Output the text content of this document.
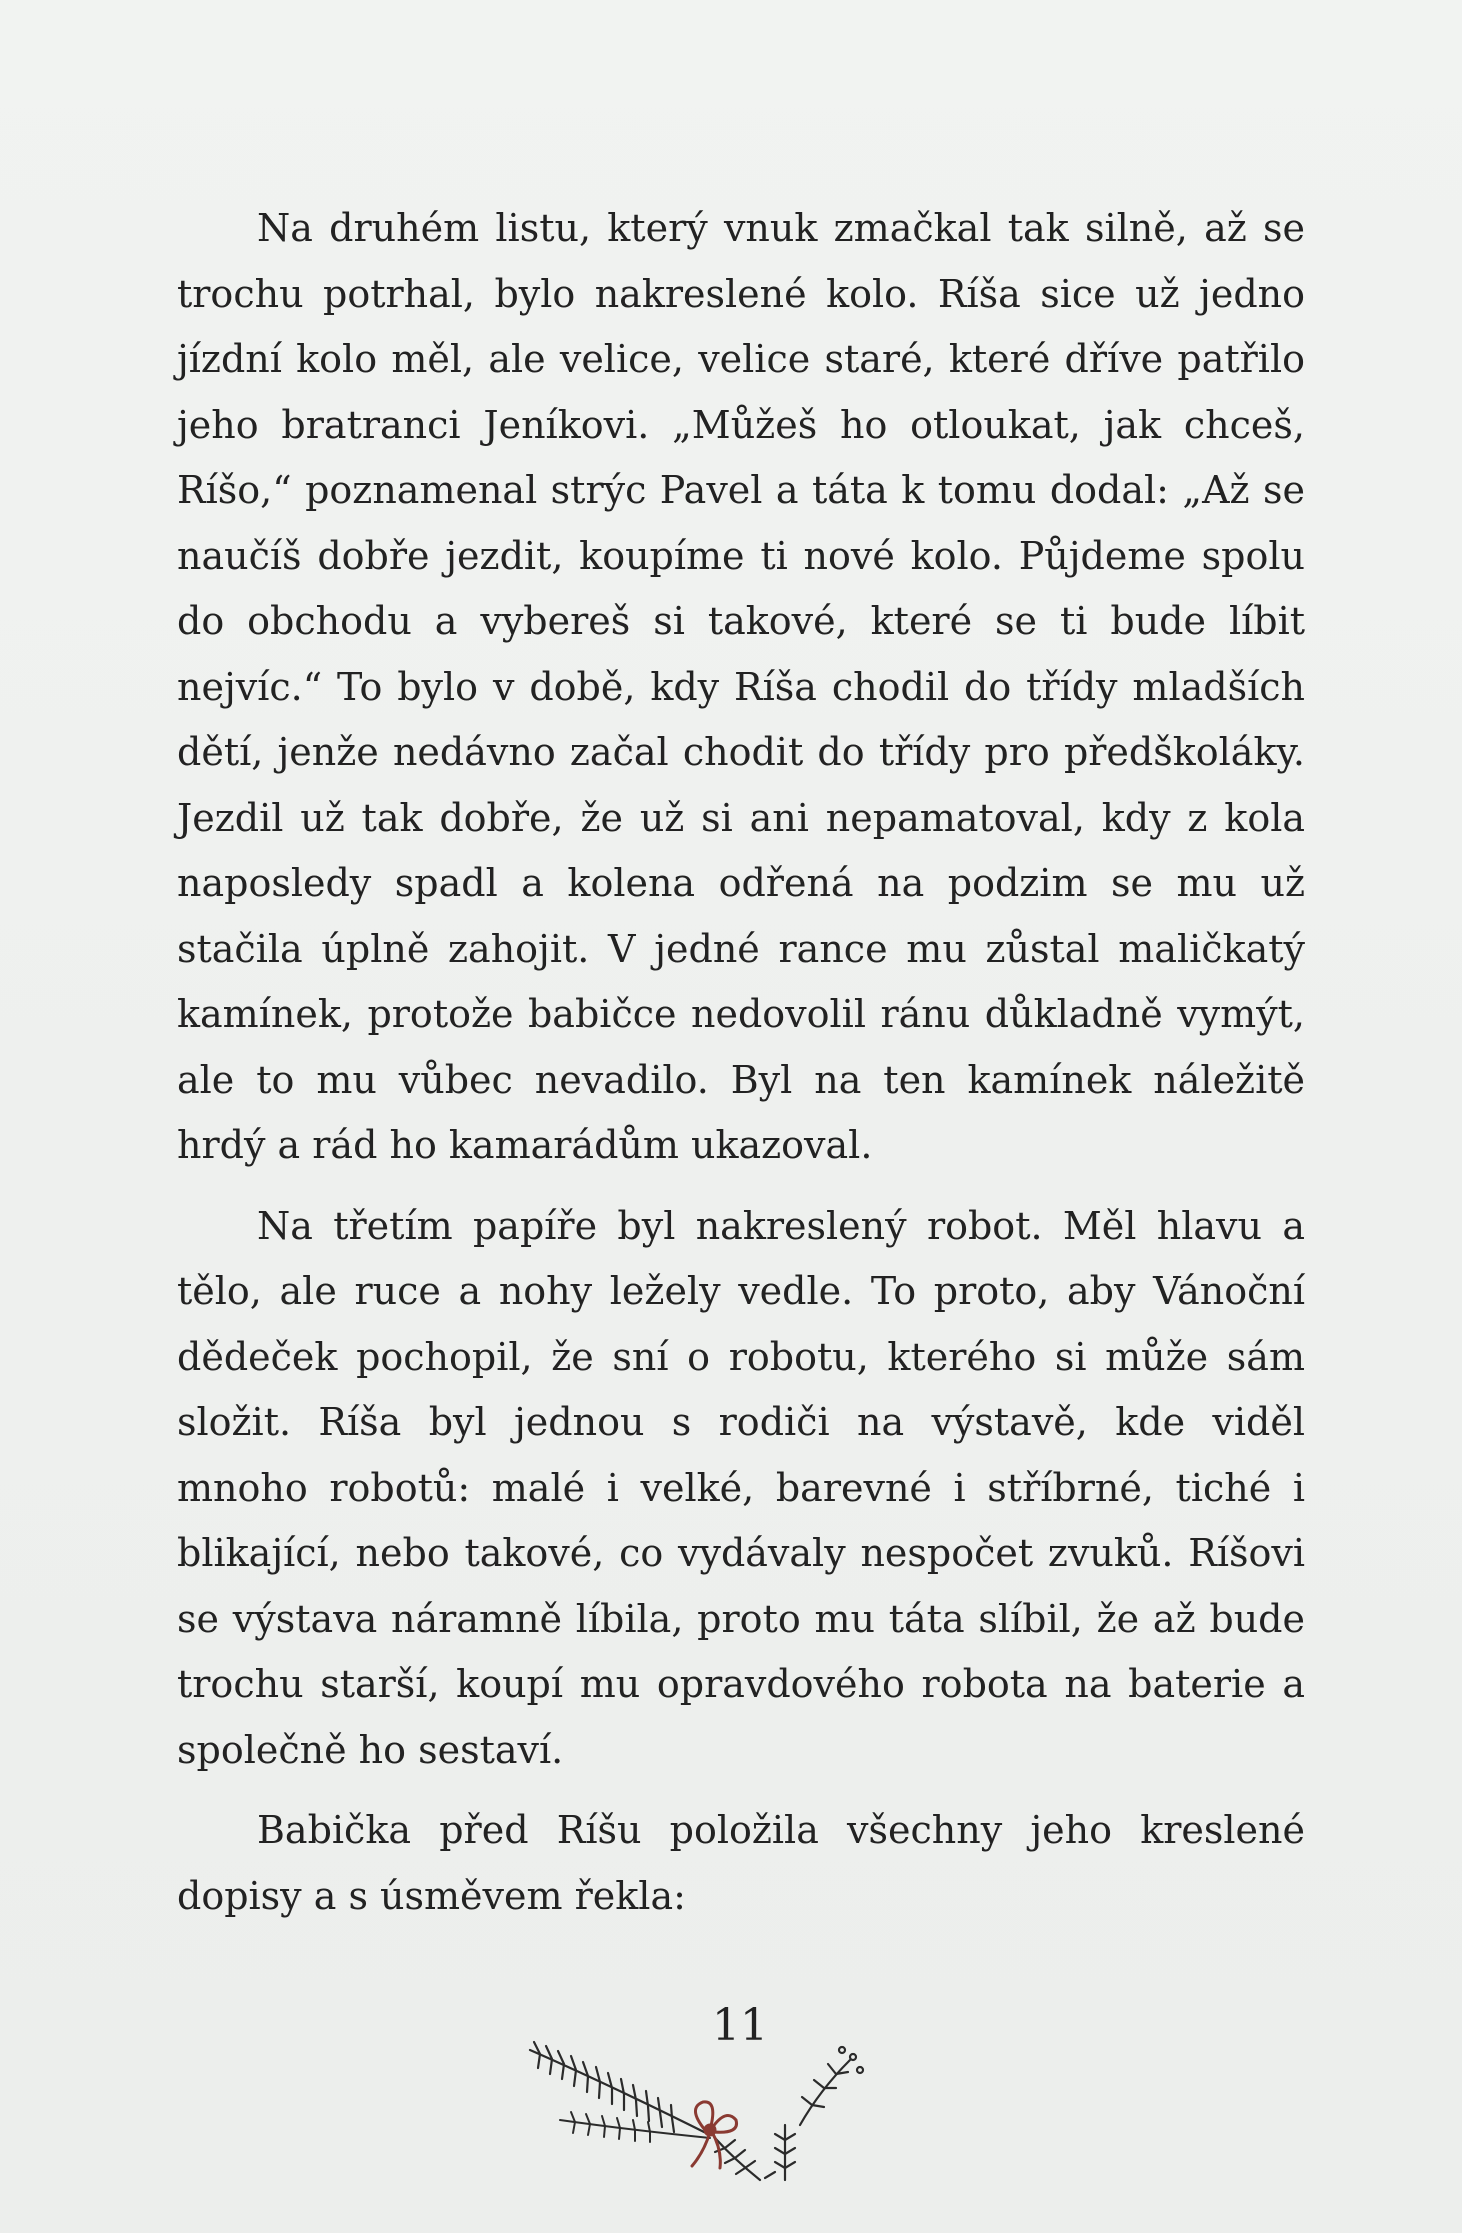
Na druhém listu, který vnuk zmačkal tak silně, až se trochu potrhal, bylo nakreslené kolo. Ríša sice už jedno jízdní kolo měl, ale velice, velice staré, které dříve patřilo jeho bratranci Jeníkovi. „Můžeš ho otloukat, jak chceš, Ríšo,“ poznamenal strýc Pavel a táta k tomu dodal: „Až se naučíš dobře jezdit, koupíme ti nové kolo. Půjdeme spolu do obchodu a vybereš si takové, které se ti bude líbit nejvíc.“ To bylo v době, kdy Ríša chodil do třídy mladších dětí, jenže nedávno začal chodit do třídy pro předškoláky. Jezdil už tak dobře, že už si ani nepamatoval, kdy z kola naposledy spadl a kolena odřená na podzim se mu už stačila úplně zahojit. V jedné rance mu zůstal maličkatý kamínek, protože babičce nedovolil ránu důkladně vymýt, ale to mu vůbec nevadilo. Byl na ten kamínek náležitě hrdý a rád ho kamarádům ukazoval.

Na třetím papíře byl nakreslený robot. Měl hlavu a tělo, ale ruce a nohy ležely vedle. To proto, aby Vánoční dědeček pochopil, že sní o robotu, kterého si může sám složit. Ríša byl jednou s rodiči na výstavě, kde viděl mnoho robotů: malé i velké, barevné i stříbrné, tiché i blikající, nebo takové, co vydávaly nespočet zvuků. Ríšovi se výstava náramně líbila, proto mu táta slíbil, že až bude trochu starší, koupí mu opravdového robota na baterie a společně ho sestaví.

Babička před Ríšu položila všechny jeho kreslené dopisy a s úsměvem řekla:

11
